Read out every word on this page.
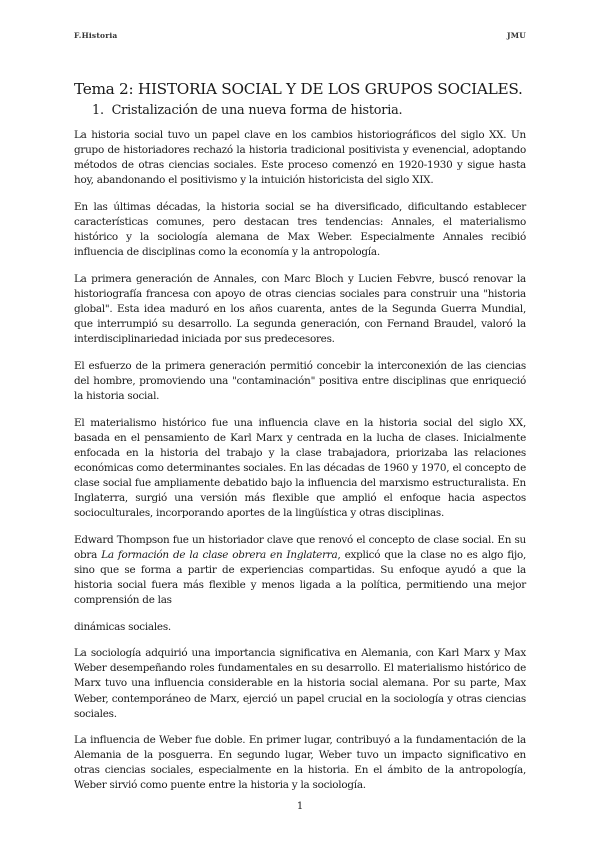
F.Historia	JMU
Tema 2: HISTORIA SOCIAL Y DE LOS GRUPOS SOCIALES.
1. Cristalización de una nueva forma de historia.

La historia social tuvo un papel clave en los cambios historiográficos del siglo XX. Un grupo de historiadores rechazó la historia tradicional positivista y evenencial, adoptando métodos de otras ciencias sociales. Este proceso comenzó en 1920-1930 y sigue hasta hoy, abandonando el positivismo y la intuición historicista del siglo XIX.

En las últimas décadas, la historia social se ha diversificado, dificultando establecer características comunes, pero destacan tres tendencias: Annales, el materialismo histórico y la sociología alemana de Max Weber. Especialmente Annales recibió influencia de disciplinas como la economía y la antropología.

La primera generación de Annales, con Marc Bloch y Lucien Febvre, buscó renovar la historiografía francesa con apoyo de otras ciencias sociales para construir una "historia global". Esta idea maduró en los años cuarenta, antes de la Segunda Guerra Mundial, que interrumpió su desarrollo. La segunda generación, con Fernand Braudel, valoró la interdisciplinariedad iniciada por sus predecesores.

El esfuerzo de la primera generación permitió concebir la interconexión de las ciencias del hombre, promoviendo una "contaminación" positiva entre disciplinas que enriqueció la historia social.

El materialismo histórico fue una influencia clave en la historia social del siglo XX, basada en el pensamiento de Karl Marx y centrada en la lucha de clases. Inicialmente enfocada en la historia del trabajo y la clase trabajadora, priorizaba las relaciones económicas como determinantes sociales. En las décadas de 1960 y 1970, el concepto de clase social fue ampliamente debatido bajo la influencia del marxismo estructuralista. En Inglaterra, surgió una versión más flexible que amplió el enfoque hacia aspectos socioculturales, incorporando aportes de la lingüística y otras disciplinas.

Edward Thompson fue un historiador clave que renovó el concepto de clase social. En su obra La formación de la clase obrera en Inglaterra, explicó que la clase no es algo fijo, sino que se forma a partir de experiencias compartidas. Su enfoque ayudó a que la historia social fuera más flexible y menos ligada a la política, permitiendo una mejor comprensión de las

dinámicas sociales.

La sociología adquirió una importancia significativa en Alemania, con Karl Marx y Max Weber desempeñando roles fundamentales en su desarrollo. El materialismo histórico de Marx tuvo una influencia considerable en la historia social alemana. Por su parte, Max Weber, contemporáneo de Marx, ejerció un papel crucial en la sociología y otras ciencias sociales.

La influencia de Weber fue doble. En primer lugar, contribuyó a la fundamentación de la Alemania de la posguerra. En segundo lugar, Weber tuvo un impacto significativo en otras ciencias sociales, especialmente en la historia. En el ámbito de la antropología, Weber sirvió como puente entre la historia y la sociología.

1
